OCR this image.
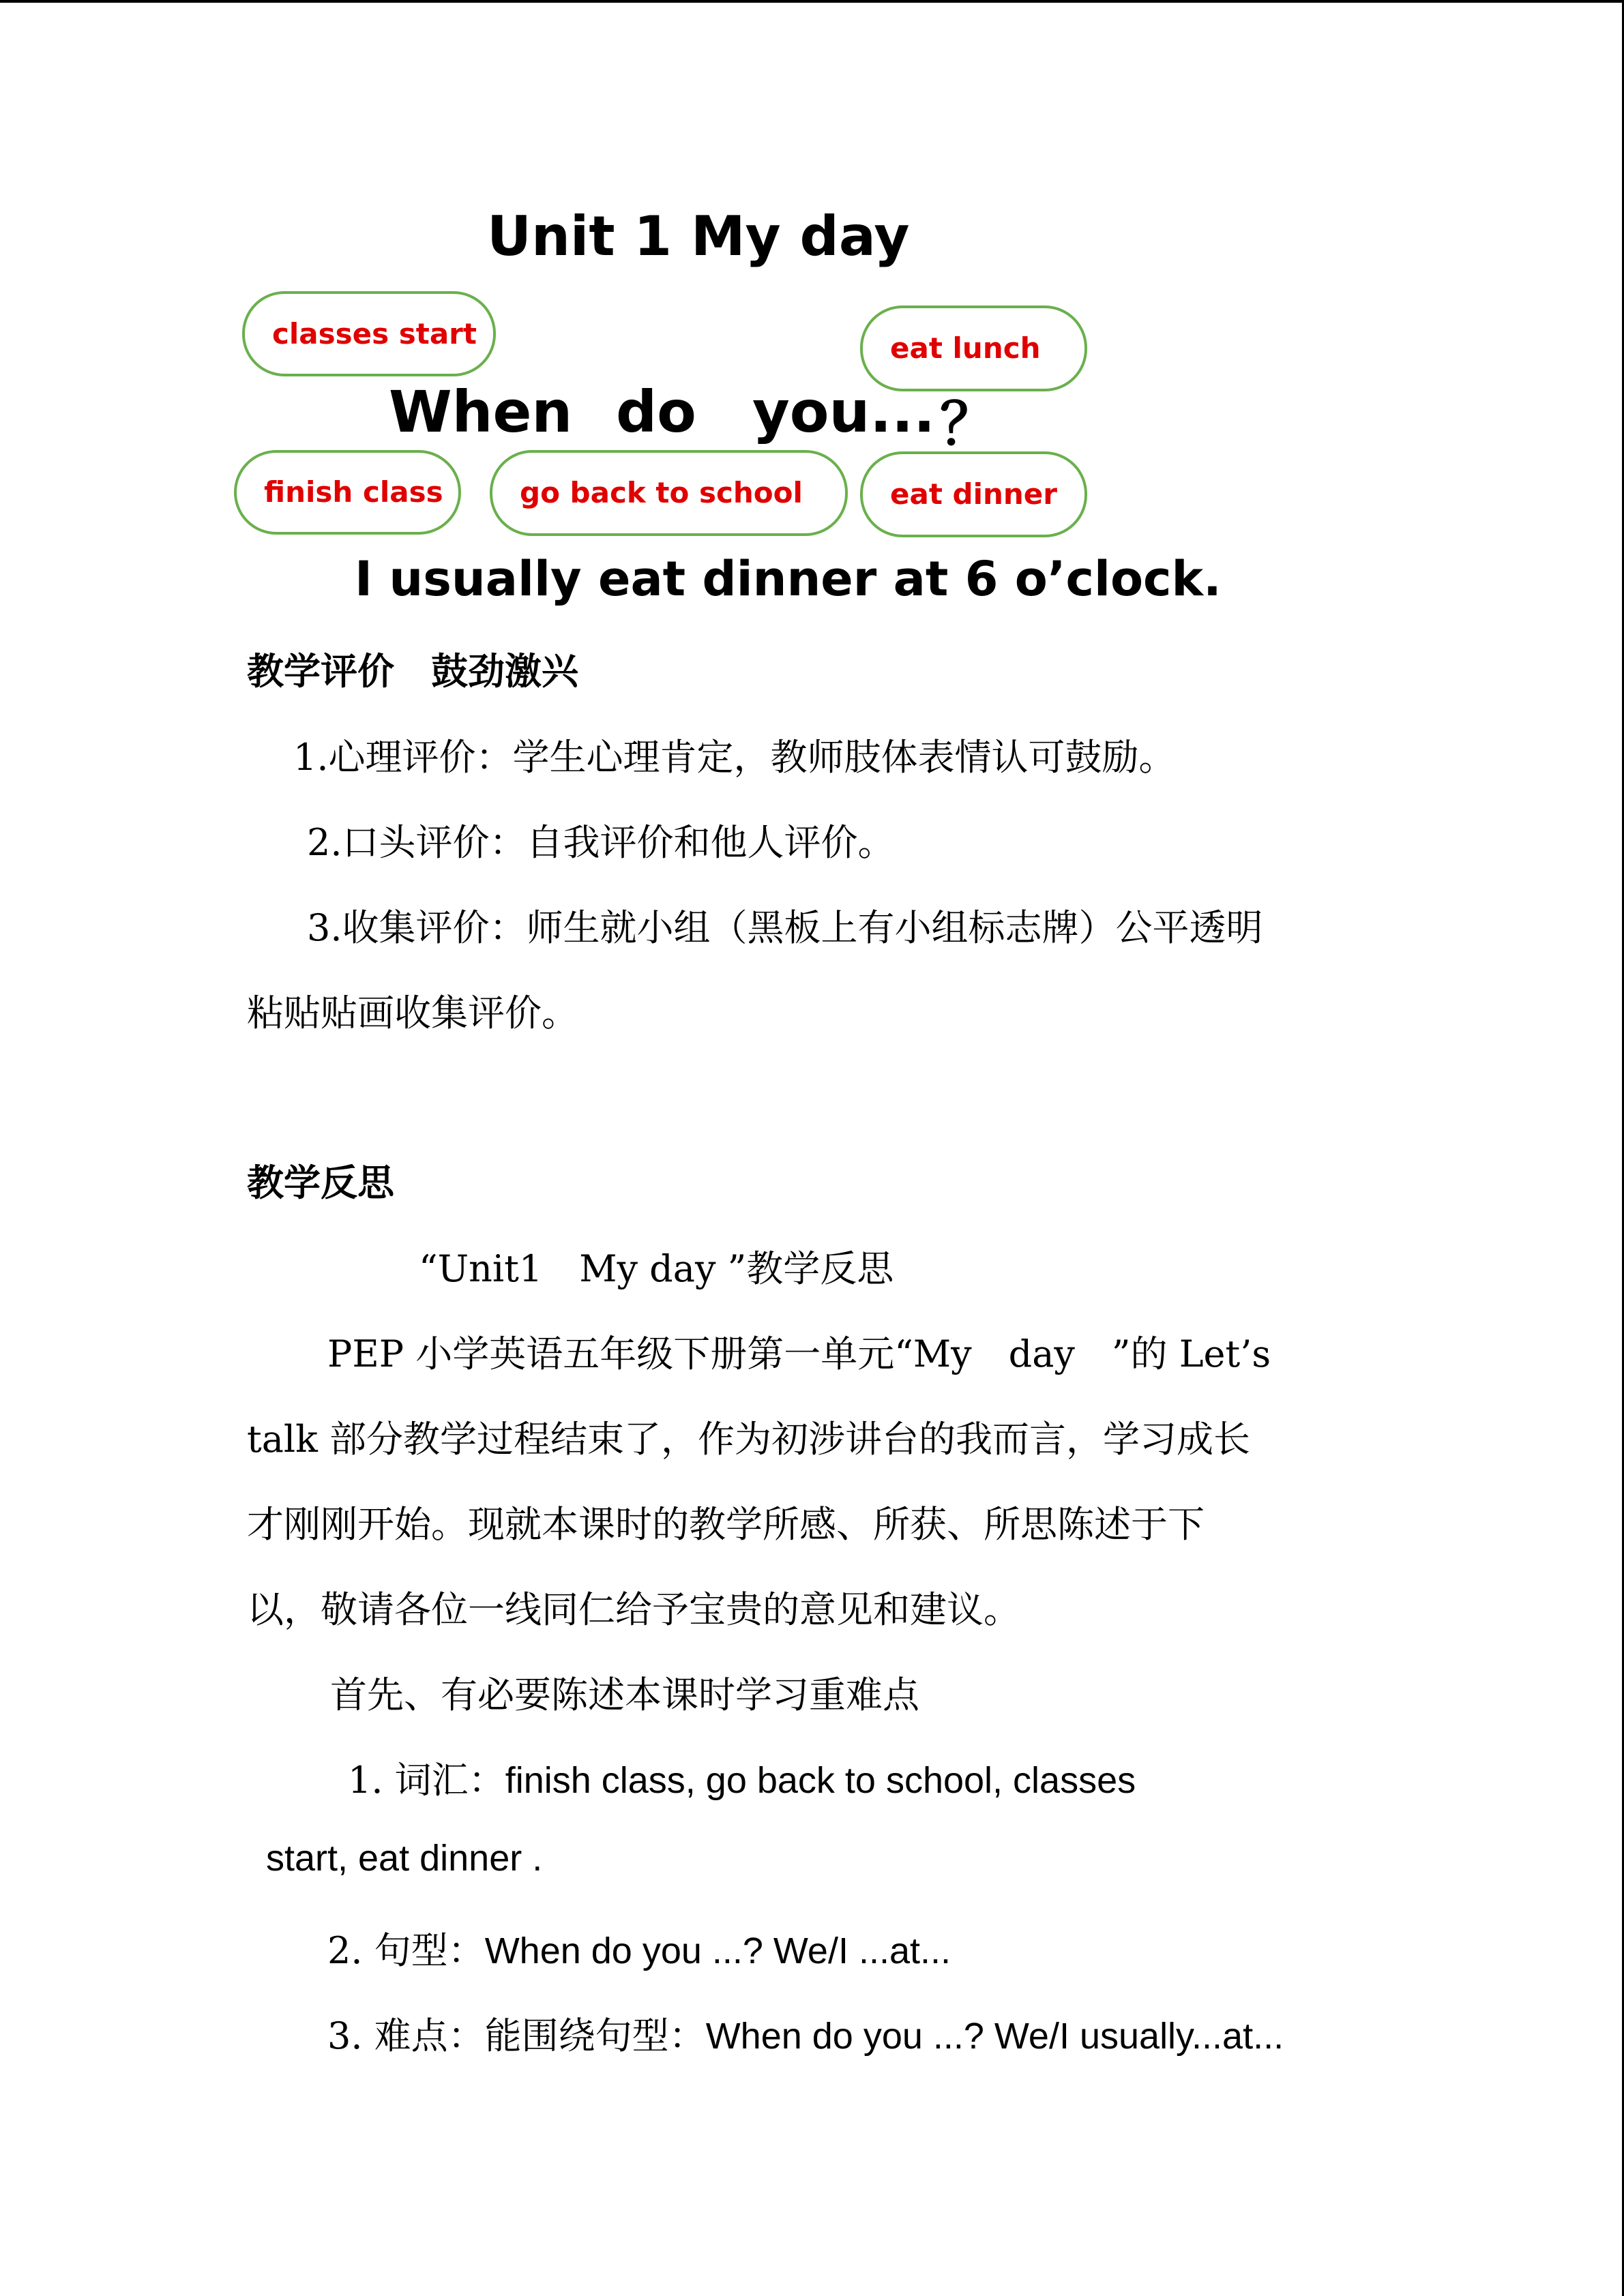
Unit 1 My day
classes start	eat lunch
finish class	go back to school	eat dinner
When do you... ？
I usually eat dinner at 6 o’clock.
教学评价　鼓劲激兴
1.心理评价：学生心理肯定，教师肢体表情认可鼓励。
2.口头评价：自我评价和他人评价。
3.收集评价：师生就小组（黑板上有小组标志牌）公平透明
粘贴贴画收集评价。
教学反思
“Unit1　My day ”教学反思
PEP 小学英语五年级下册第一单元“My　day　”的 Let’s
talk 部分教学过程结束了，作为初涉讲台的我而言，学习成长
才刚刚开始。现就本课时的教学所感、所获、所思陈述于下
以，敬请各位一线同仁给予宝贵的意见和建议。
首先、有必要陈述本课时学习重难点
1. 词汇：finish class, go back to school, classes
start, eat dinner .
2. 句型：When do you ...? We/I ...at...
3. 难点：能围绕句型：When do you ...? We/I usually...at...
